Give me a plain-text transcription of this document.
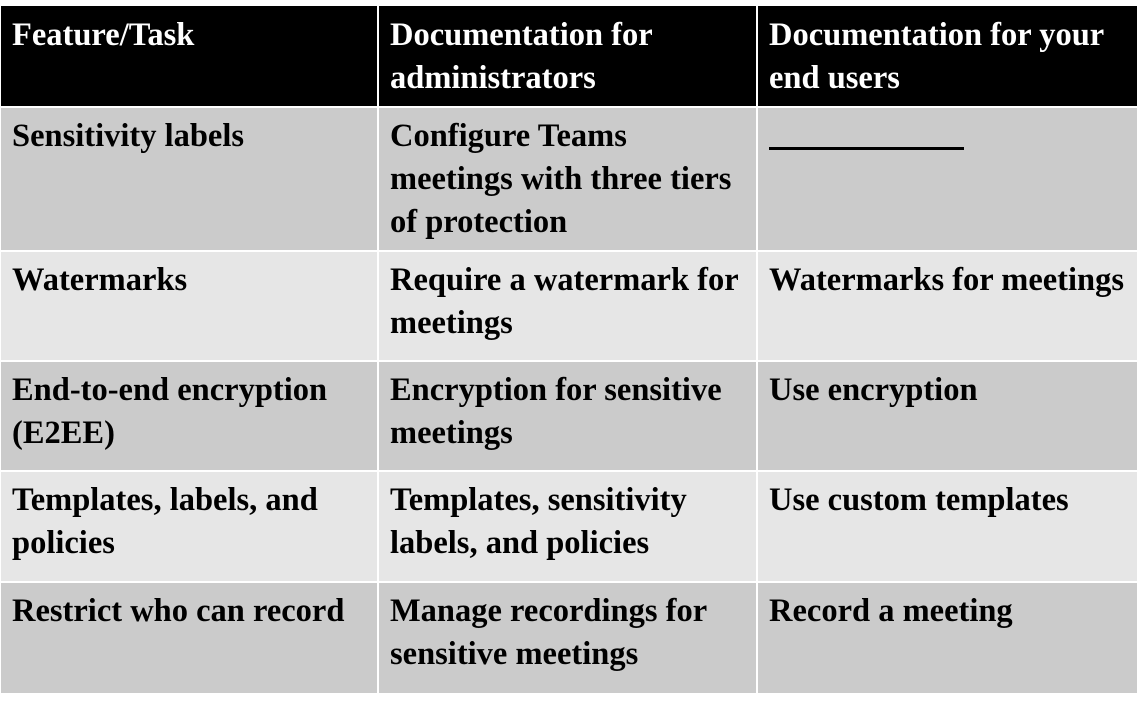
Feature/Task	Documentation for administrators	Documentation for your end users
Sensitivity labels	Configure Teams meetings with three tiers of protection	
Watermarks	Require a watermark for meetings	Watermarks for meetings
End-to-end encryption (E2EE)	Encryption for sensitive meetings	Use encryption
Templates, labels, and policies	Templates, sensitivity labels, and policies	Use custom templates
Restrict who can record	Manage recordings for sensitive meetings	Record a meeting
